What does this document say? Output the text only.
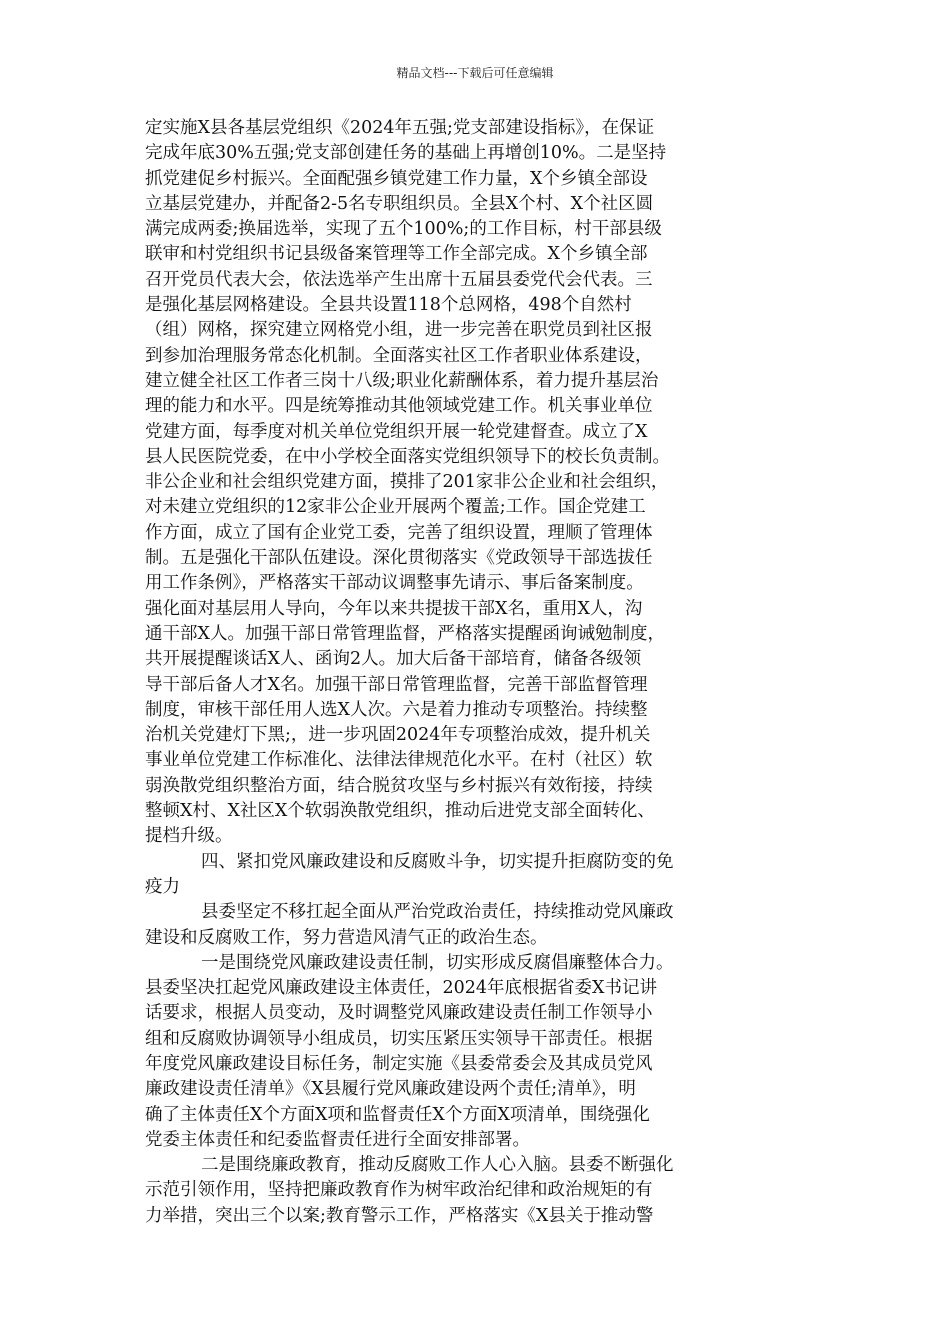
精品文档---下载后可任意编辑
定实施X县各基层党组织《2024年五强;党支部建设指标》，在保证
完成年底30%五强;党支部创建任务的基础上再增创10%。二是坚持
抓党建促乡村振兴。全面配强乡镇党建工作力量，X个乡镇全部设
立基层党建办，并配备2-5名专职组织员。全县X个村、X个社区圆
满完成两委;换届选举，实现了五个100%;的工作目标，村干部县级
联审和村党组织书记县级备案管理等工作全部完成。X个乡镇全部
召开党员代表大会，依法选举产生出席十五届县委党代会代表。三
是强化基层网格建设。全县共设置118个总网格，498个自然村
（组）网格，探究建立网格党小组，进一步完善在职党员到社区报
到参加治理服务常态化机制。全面落实社区工作者职业体系建设，
建立健全社区工作者三岗十八级;职业化薪酬体系，着力提升基层治
理的能力和水平。四是统筹推动其他领域党建工作。机关事业单位
党建方面，每季度对机关单位党组织开展一轮党建督查。成立了X
县人民医院党委，在中小学校全面落实党组织领导下的校长负责制。
非公企业和社会组织党建方面，摸排了201家非公企业和社会组织，
对未建立党组织的12家非公企业开展两个覆盖;工作。国企党建工
作方面，成立了国有企业党工委，完善了组织设置，理顺了管理体
制。五是强化干部队伍建设。深化贯彻落实《党政领导干部选拔任
用工作条例》，严格落实干部动议调整事先请示、事后备案制度。
强化面对基层用人导向，今年以来共提拔干部X名，重用X人，沟
通干部X人。加强干部日常管理监督，严格落实提醒函询诫勉制度，
共开展提醒谈话X人、函询2人。加大后备干部培育，储备各级领
导干部后备人才X名。加强干部日常管理监督，完善干部监督管理
制度，审核干部任用人选X人次。六是着力推动专项整治。持续整
治机关党建灯下黑;，进一步巩固2024年专项整治成效，提升机关
事业单位党建工作标准化、法律法律规范化水平。在村（社区）软
弱涣散党组织整治方面，结合脱贫攻坚与乡村振兴有效衔接，持续
整顿X村、X社区X个软弱涣散党组织，推动后进党支部全面转化、
提档升级。
四、紧扣党风廉政建设和反腐败斗争，切实提升拒腐防变的免
疫力
县委坚定不移扛起全面从严治党政治责任，持续推动党风廉政
建设和反腐败工作，努力营造风清气正的政治生态。
一是围绕党风廉政建设责任制，切实形成反腐倡廉整体合力。
县委坚决扛起党风廉政建设主体责任，2024年底根据省委X书记讲
话要求，根据人员变动，及时调整党风廉政建设责任制工作领导小
组和反腐败协调领导小组成员，切实压紧压实领导干部责任。根据
年度党风廉政建设目标任务，制定实施《县委常委会及其成员党风
廉政建设责任清单》《X县履行党风廉政建设两个责任;清单》，明
确了主体责任X个方面X项和监督责任X个方面X项清单，围绕强化
党委主体责任和纪委监督责任进行全面安排部署。
二是围绕廉政教育，推动反腐败工作人心入脑。县委不断强化
示范引领作用，坚持把廉政教育作为树牢政治纪律和政治规矩的有
力举措，突出三个以案;教育警示工作，严格落实《X县关于推动警
